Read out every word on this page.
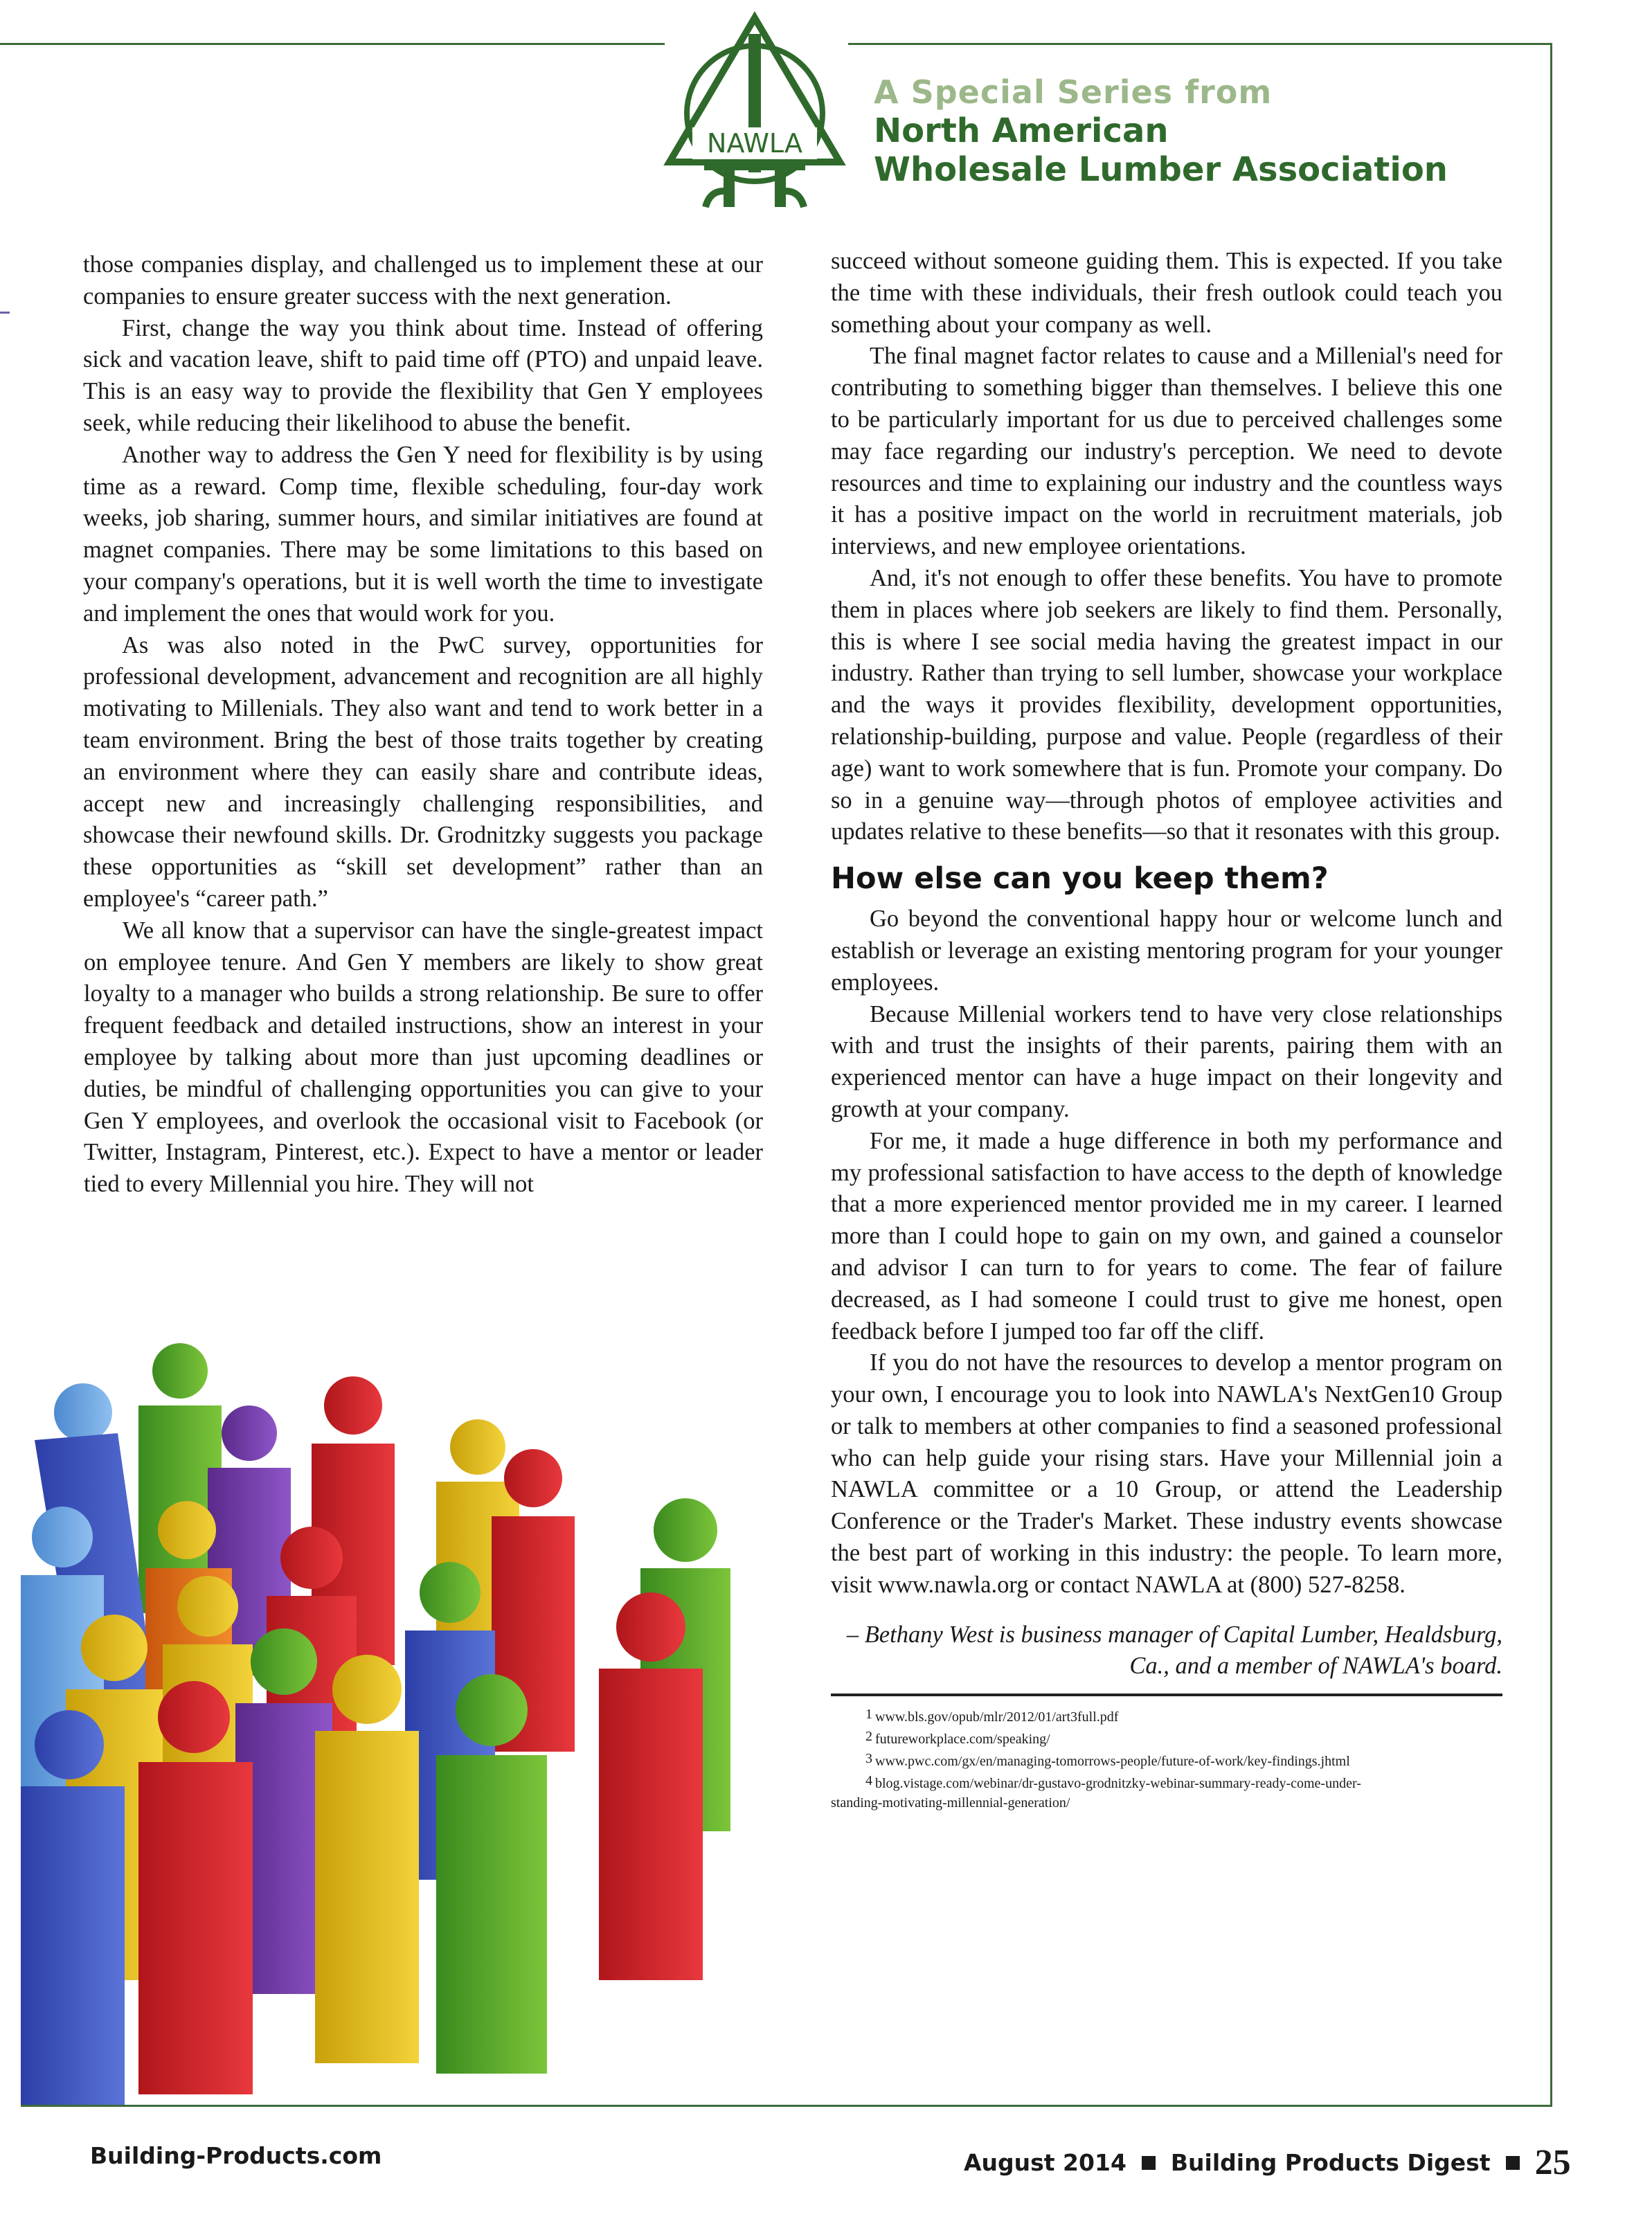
NAWLA
A Special Series from
North American
Wholesale Lumber Association

those companies display, and challenged us to implement these at our companies to ensure greater success with the next generation.

First, change the way you think about time. Instead of offering sick and vacation leave, shift to paid time off (PTO) and unpaid leave. This is an easy way to provide the flexibility that Gen Y employees seek, while reducing their likelihood to abuse the benefit.

Another way to address the Gen Y need for flexibility is by using time as a reward. Comp time, flexible scheduling, four-day work weeks, job sharing, summer hours, and similar initiatives are found at magnet companies. There may be some limitations to this based on your company's operations, but it is well worth the time to investigate and implement the ones that would work for you.

As was also noted in the PwC survey, opportunities for professional development, advancement and recognition are all highly motivating to Millenials. They also want and tend to work better in a team environment. Bring the best of those traits together by creating an environment where they can easily share and contribute ideas, accept new and increasingly challenging responsibilities, and showcase their newfound skills. Dr. Grodnitzky suggests you package these opportunities as “skill set development” rather than an employee's “career path.”

We all know that a supervisor can have the single-greatest impact on employee tenure. And Gen Y members are likely to show great loyalty to a manager who builds a strong relationship. Be sure to offer frequent feedback and detailed instructions, show an interest in your employee by talking about more than just upcoming deadlines or duties, be mindful of challenging opportunities you can give to your Gen Y employees, and overlook the occasional visit to Facebook (or Twitter, Instagram, Pinterest, etc.). Expect to have a mentor or leader tied to every Millennial you hire. They will not

succeed without someone guiding them. This is expected. If you take the time with these individuals, their fresh outlook could teach you something about your company as well.

The final magnet factor relates to cause and a Millenial's need for contributing to something bigger than themselves. I believe this one to be particularly important for us due to perceived challenges some may face regarding our industry's perception. We need to devote resources and time to explaining our industry and the countless ways it has a positive impact on the world in recruitment materials, job interviews, and new employee orientations.

And, it's not enough to offer these benefits. You have to promote them in places where job seekers are likely to find them. Personally, this is where I see social media having the greatest impact in our industry. Rather than trying to sell lumber, showcase your workplace and the ways it provides flexibility, development opportunities, relationship-building, purpose and value. People (regardless of their age) want to work somewhere that is fun. Promote your company. Do so in a genuine way—through photos of employee activities and updates relative to these benefits—so that it resonates with this group.

How else can you keep them?

Go beyond the conventional happy hour or welcome lunch and establish or leverage an existing mentoring program for your younger employees.

Because Millenial workers tend to have very close relationships with and trust the insights of their parents, pairing them with an experienced mentor can have a huge impact on their longevity and growth at your company.

For me, it made a huge difference in both my performance and my professional satisfaction to have access to the depth of knowledge that a more experienced mentor provided me in my career. I learned more than I could hope to gain on my own, and gained a counselor and advisor I can turn to for years to come. The fear of failure decreased, as I had someone I could trust to give me honest, open feedback before I jumped too far off the cliff.

If you do not have the resources to develop a mentor program on your own, I encourage you to look into NAWLA's NextGen10 Group or talk to members at other companies to find a seasoned professional who can help guide your rising stars. Have your Millennial join a NAWLA committee or a 10 Group, or attend the Leadership Conference or the Trader's Market. These industry events showcase the best part of working in this industry: the people. To learn more, visit www.nawla.org or contact NAWLA at (800) 527-8258.

– Bethany West is business manager of Capital Lumber, Healdsburg, Ca., and a member of NAWLA's board.

$^1$ www.bls.gov/opub/mlr/2012/01/art3full.pdf
$^2$ futureworkplace.com/speaking/
$^3$ www.pwc.com/gx/en/managing-tomorrows-people/future-of-work/key-findings.jhtml
$^4$ blog.vistage.com/webinar/dr-gustavo-grodnitzky-webinar-summary-ready-come-under-
standing-motivating-millennial-generation/
Building-Products.com	August 2014 Building Products Digest 25
